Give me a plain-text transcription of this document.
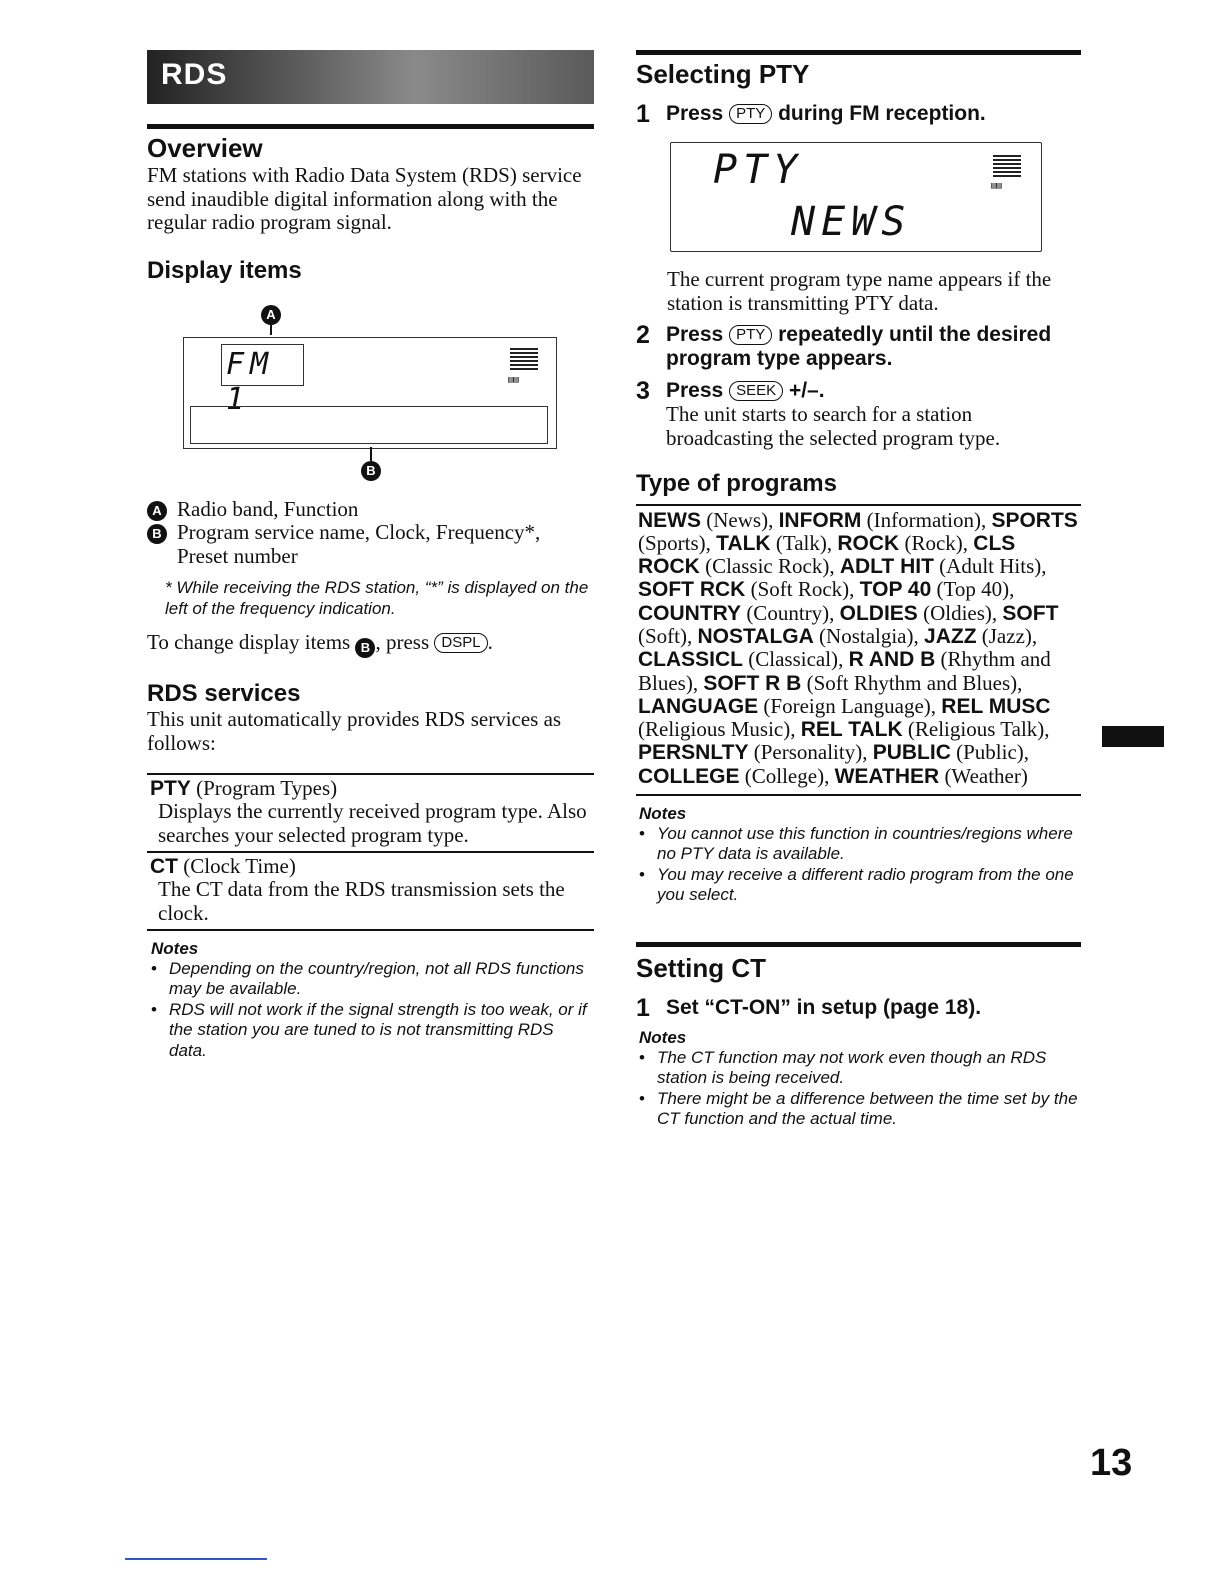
RDS
Overview

FM stations with Radio Data System (RDS) service send inaudible digital information along with the regular radio program signal.

Display items
A
FM 1
▤▤
B
A Radio band, Function
B Program service name, Clock, Frequency*, Preset number
* While receiving the RDS station, “*” is displayed on the left of the frequency indication.

To change display items B , press DSPL .

RDS services

This unit automatically provides RDS services as follows:

PTY (Program Types)
Displays the currently received program type. Also searches your selected program type.
CT (Clock Time)
The CT data from the RDS transmission sets the clock.
Notes
• Depending on the country/region, not all RDS functions may be available.
• RDS will not work if the signal strength is too weak, or if the station you are tuned to is not transmitting RDS data.
Selecting PTY
1 Press PTY during FM reception.
PTY
NEWS
▤▤

The current program type name appears if the station is transmitting PTY data.

2 Press PTY repeatedly until the desired program type appears.
3 Press SEEK +/–.

The unit starts to search for a station broadcasting the selected program type.

Type of programs
NEWS (News), INFORM (Information), SPORTS (Sports), TALK (Talk), ROCK (Rock), CLS ROCK (Classic Rock), ADLT HIT (Adult Hits), SOFT RCK (Soft Rock), TOP 40 (Top 40), COUNTRY (Country), OLDIES (Oldies), SOFT (Soft), NOSTALGA (Nostalgia), JAZZ (Jazz), CLASSICL (Classical), R AND B (Rhythm and Blues), SOFT R B (Soft Rhythm and Blues), LANGUAGE (Foreign Language), REL MUSC (Religious Music), REL TALK (Religious Talk), PERSNLTY (Personality), PUBLIC (Public), COLLEGE (College), WEATHER (Weather)
Notes
• You cannot use this function in countries/regions where no PTY data is available.
• You may receive a different radio program from the one you select.
Setting CT
1 Set “CT-ON” in setup (page 18).
Notes
• The CT function may not work even though an RDS station is being received.
• There might be a difference between the time set by the CT function and the actual time.
13
